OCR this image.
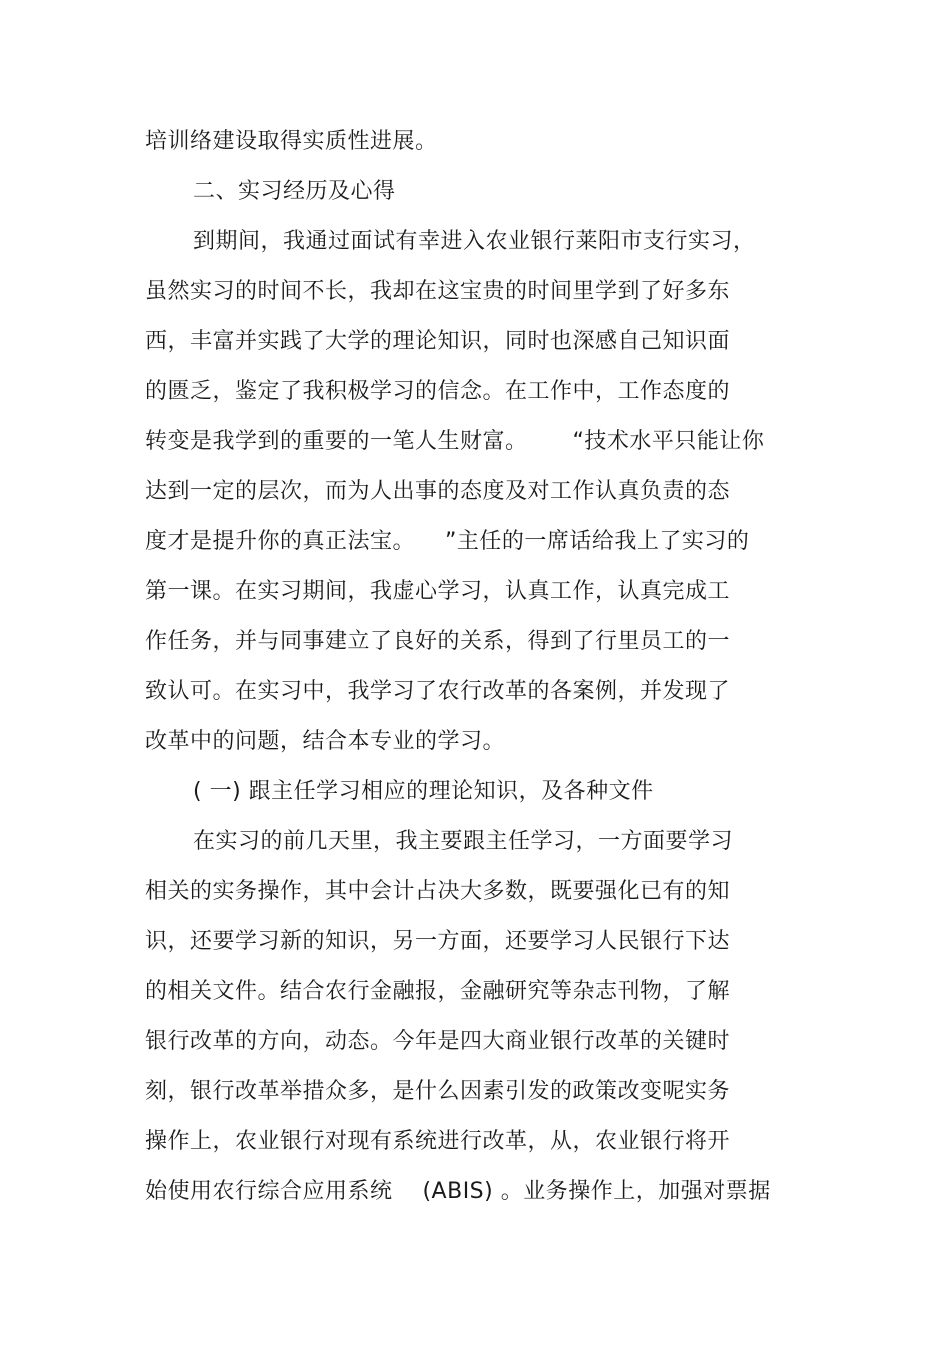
培训络建设取得实质性进展。
二、实习经历及心得
到期间，我通过面试有幸进入农业银行莱阳市支行实习，
虽然实习的时间不长，我却在这宝贵的时间里学到了好多东
西，丰富并实践了大学的理论知识，同时也深感自己知识面
的匮乏，鉴定了我积极学习的信念。在工作中，工作态度的
转变是我学到的重要的一笔人生财富。      “技术水平只能让你
达到一定的层次，而为人出事的态度及对工作认真负责的态
度才是提升你的真正法宝。    ”主任的一席话给我上了实习的
第一课。在实习期间，我虚心学习，认真工作，认真完成工
作任务，并与同事建立了良好的关系，得到了行里员工的一
致认可。在实习中，我学习了农行改革的各案例，并发现了
改革中的问题，结合本专业的学习。
( 一) 跟主任学习相应的理论知识，及各种文件
在实习的前几天里，我主要跟主任学习，一方面要学习
相关的实务操作，其中会计占决大多数，既要强化已有的知
识，还要学习新的知识，另一方面，还要学习人民银行下达
的相关文件。结合农行金融报，金融研究等杂志刊物，了解
银行改革的方向，动态。今年是四大商业银行改革的关键时
刻，银行改革举措众多，是什么因素引发的政策改变呢实务
操作上，农业银行对现有系统进行改革，从，农业银行将开
始使用农行综合应用系统    (ABIS) 。业务操作上，加强对票据
